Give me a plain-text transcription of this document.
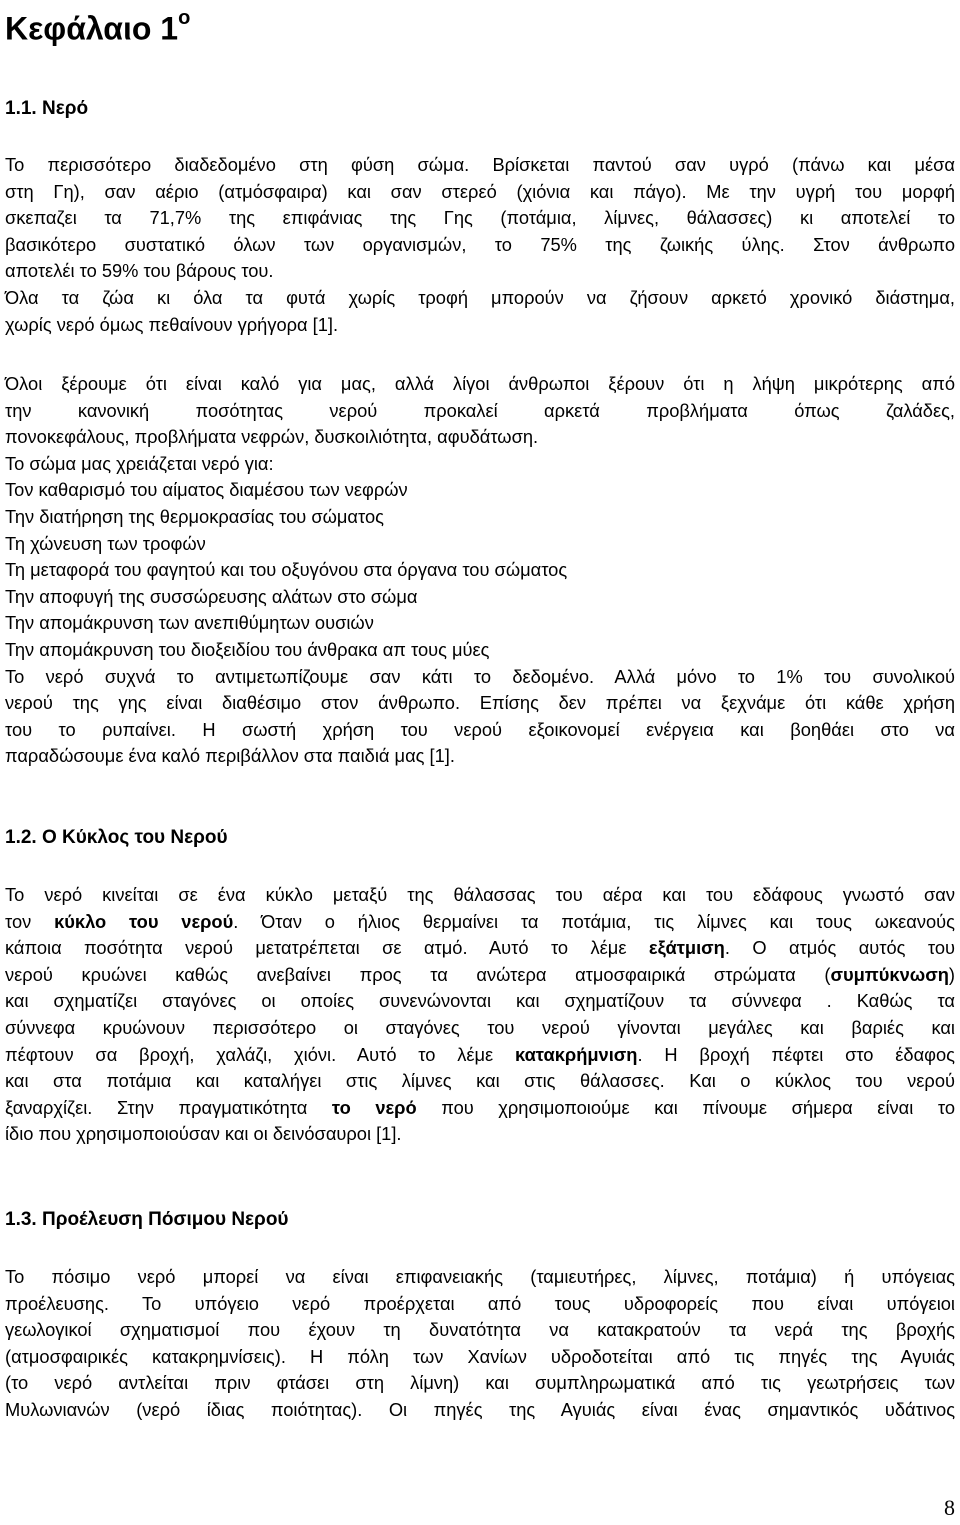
Κεφάλαιο $1^o$
1.1. Νερό
Το περισσότερο διαδεδομένο στη φύση σώμα. Βρίσκεται παντού σαν υγρό (πάνω και μέσα
στη Γη), σαν αέριο (ατμόσφαιρα) και σαν στερεό (χιόνια και πάγο). Με την υγρή του μορφή
σκεπαζει τα 71,7% της επιφάνιας της Γης (ποτάμια, λίμνες, θάλασσες) κι αποτελεί το
βασικότερο συστατικό όλων των οργανισμών, το 75% της ζωικής ύλης. Στον άνθρωπο
αποτελέι το 59% του βάρους του.
Όλα τα ζώα κι όλα τα φυτά χωρίς τροφή μπορούν να ζήσουν αρκετό χρονικό διάστημα,
χωρίς νερό όμως πεθαίνουν γρήγορα [1].
Όλοι ξέρουμε ότι είναι καλό για μας, αλλά λίγοι άνθρωποι ξέρουν ότι η λήψη μικρότερης από
την κανονική ποσότητας νερού προκαλεί αρκετά προβλήματα όπως ζαλάδες,
πονοκεφάλους, προβλήματα νεφρών, δυσκοιλιότητα, αφυδάτωση.
Το σώμα μας χρειάζεται νερό για:
Τον καθαρισμό του αίματος διαμέσου των νεφρών
Την διατήρηση της θερμοκρασίας του σώματος
Τη χώνευση των τροφών
Τη μεταφορά του φαγητού και του οξυγόνου στα όργανα του σώματος
Την αποφυγή της συσσώρευσης αλάτων στο σώμα
Την απομάκρυνση των ανεπιθύμητων ουσιών
Την απομάκρυνση του διοξειδίου του άνθρακα απ τους μύες
Το νερό συχνά το αντιμετωπίζουμε σαν κάτι το δεδομένο. Αλλά μόνο το 1% του συνολικού
νερού της γης είναι διαθέσιμο στον άνθρωπο. Επίσης δεν πρέπει να ξεχνάμε ότι κάθε χρήση
του το ρυπαίνει. Η σωστή χρήση του νερού εξοικονομεί ενέργεια και βοηθάει στο να
παραδώσουμε ένα καλό περιβάλλον στα παιδιά μας [1].
1.2. Ο Κύκλος του Νερού
Το νερό κινείται σε ένα κύκλο μεταξύ της θάλασσας του αέρα και του εδάφους γνωστό σαν
τον κύκλο του νερού. Όταν ο ήλιος θερμαίνει τα ποτάμια, τις λίμνες και τους ωκεανούς
κάποια ποσότητα νερού μετατρέπεται σε ατμό. Αυτό το λέμε εξάτμιση. Ο ατμός αυτός του
νερού κρυώνει καθώς ανεβαίνει προς τα ανώτερα ατμοσφαιρικά στρώματα (συμπύκνωση)
και σχηματίζει σταγόνες οι οποίες συνενώνονται και σχηματίζουν τα σύννεφα . Καθώς τα
σύννεφα κρυώνουν περισσότερο οι σταγόνες του νερού γίνονται μεγάλες και βαριές και
πέφτουν σα βροχή, χαλάζι, χιόνι. Αυτό το λέμε κατακρήμνιση. Η βροχή πέφτει στο έδαφος
και στα ποτάμια και καταλήγει στις λίμνες και στις θάλασσες. Και ο κύκλος του νερού
ξαναρχίζει. Στην πραγματικότητα το νερό που χρησιμοποιούμε και πίνουμε σήμερα είναι το
ίδιο που χρησιμοποιούσαν και οι δεινόσαυροι [1].
1.3. Προέλευση Πόσιμου Νερού
Το πόσιμο νερό μπορεί να είναι επιφανειακής (ταμιευτήρες, λίμνες, ποτάμια) ή υπόγειας
προέλευσης. Το υπόγειο νερό προέρχεται από τους υδροφορείς που είναι υπόγειοι
γεωλογικοί σχηματισμοί που έχουν τη δυνατότητα να κατακρατούν τα νερά της βροχής
(ατμοσφαιρικές κατακρημνίσεις). Η πόλη των Χανίων υδροδοτείται από τις πηγές της Αγυιάς
(το νερό αντλείται πριν φτάσει στη λίμνη) και συμπληρωματικά από τις γεωτρήσεις των
Μυλωνιανών (νερό ίδιας ποιότητας). Οι πηγές της Αγυιάς είναι ένας σημαντικός υδάτινος
8
